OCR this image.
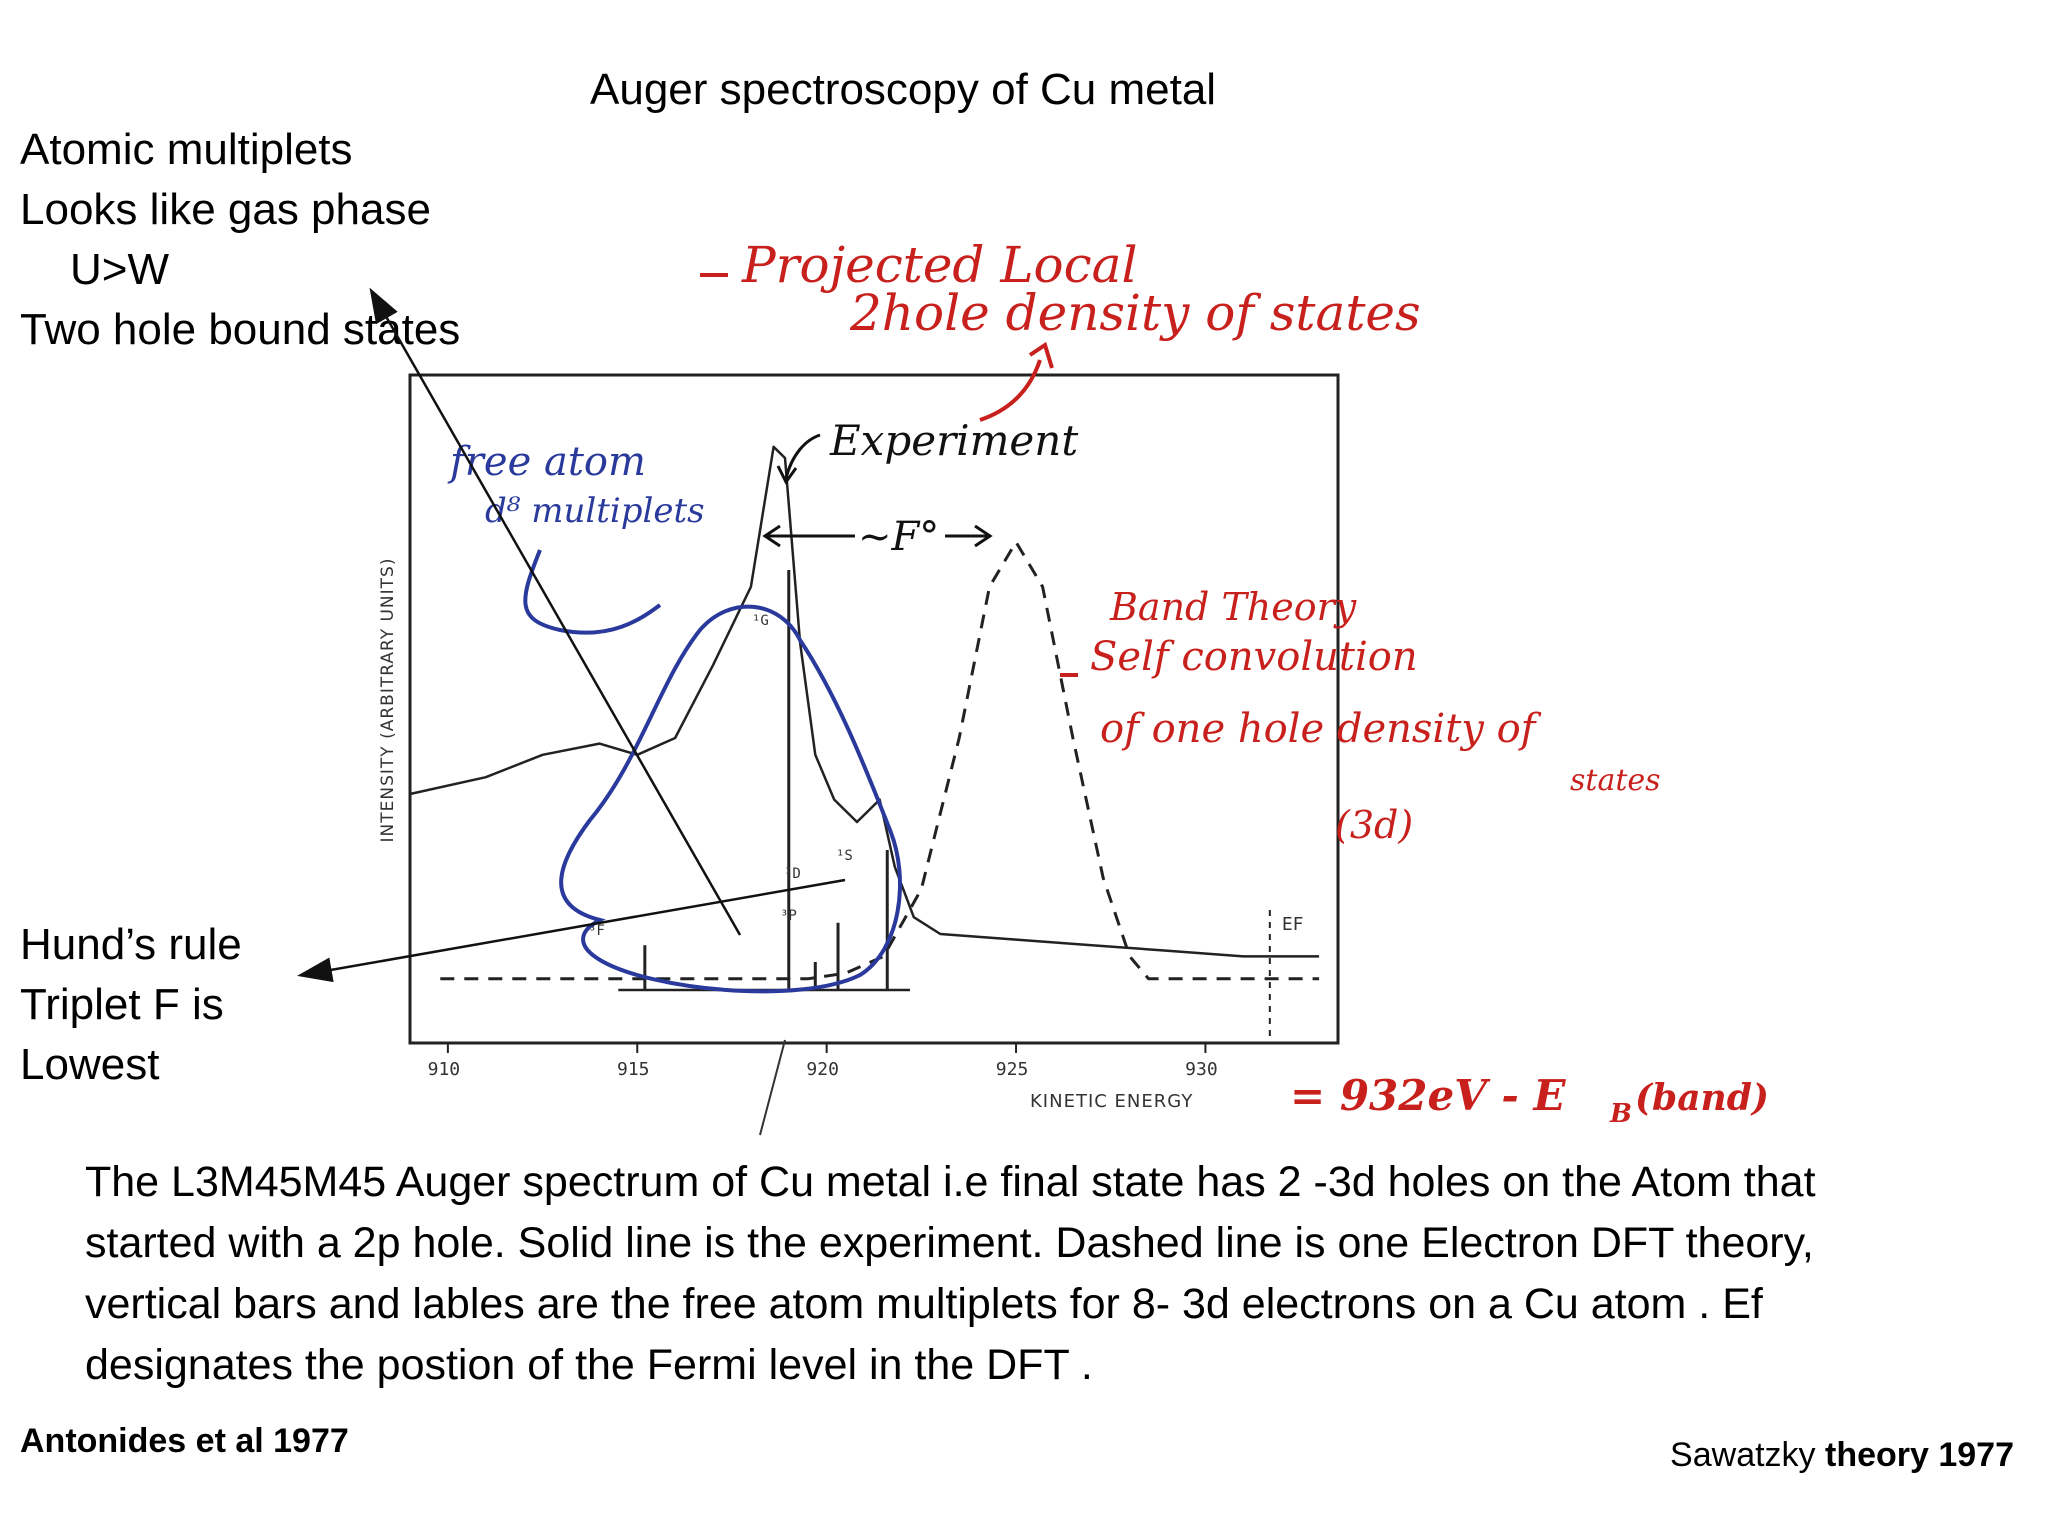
Auger spectroscopy of Cu metal
Atomic multiplets
Looks like gas phase
U>W
Two hole bound states
Hund’s rule
Triplet F is
Lowest
INTENSITY (ARBITRARY UNITS)
910	915	920	925	930
KINETIC ENERGY
EF
³F
³P
¹G
¹D
¹S
free atom
d⁸ multiplets
Projected Local
2hole density of states
Band Theory
Self convolution
of one hole density of
states
(3d)
Experiment
~F°
= 932eV - E B (band)
The L3M45M45 Auger spectrum of Cu metal i.e final state has 2 -3d holes on the Atom that started with a 2p hole. Solid line is the experiment. Dashed line is one Electron DFT theory, vertical bars and lables are the free atom multiplets for 8- 3d electrons on a Cu atom . Ef designates the postion of the Fermi level in the DFT .
Antonides et al 1977	Sawatzky theory 1977
